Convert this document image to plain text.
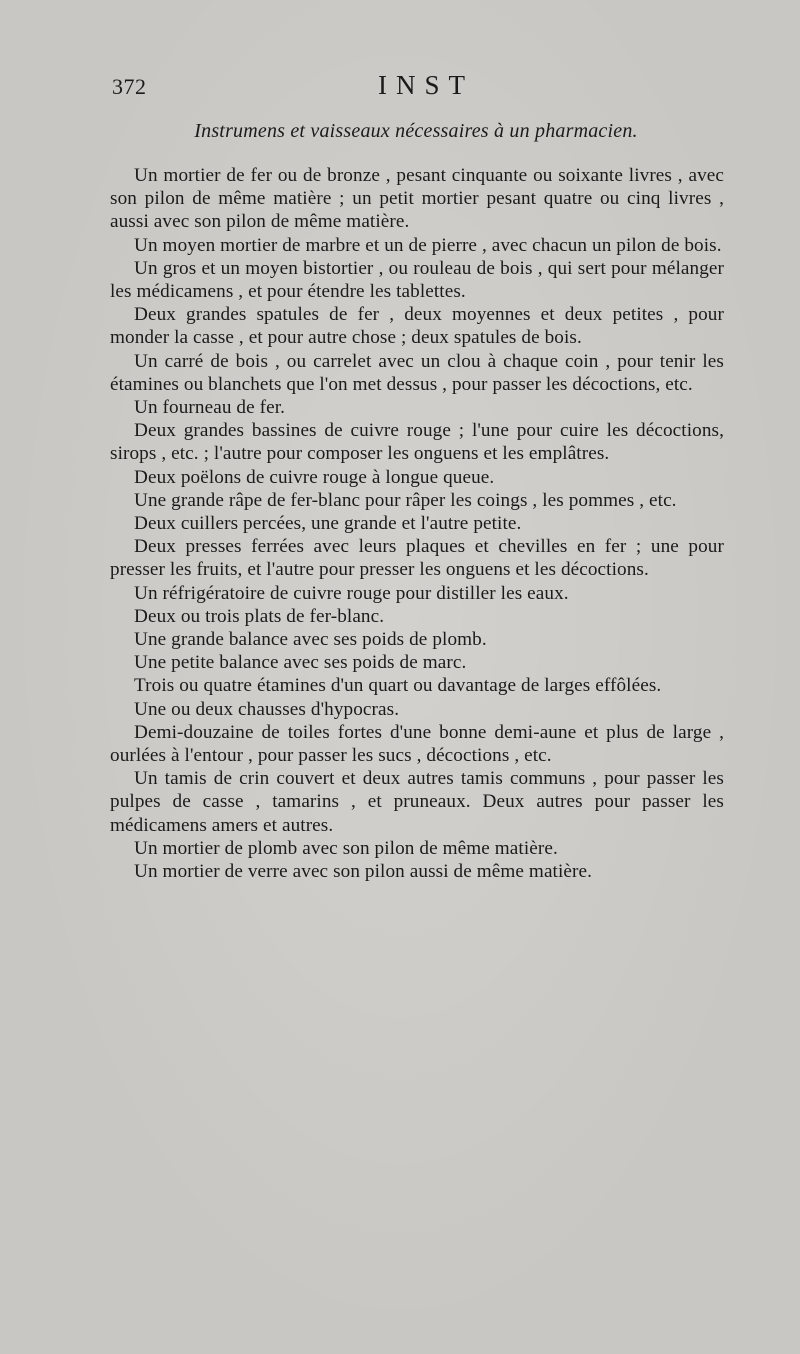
372	INST
Instrumens et vaisseaux nécessaires à un pharmacien.

Un mortier de fer ou de bronze , pesant cinquante ou soixante livres , avec son pilon de même matière ; un petit mortier pesant quatre ou cinq livres , aussi avec son pilon de même matière.

Un moyen mortier de marbre et un de pierre , avec chacun un pilon de bois.

Un gros et un moyen bistortier , ou rouleau de bois , qui sert pour mélanger les médicamens , et pour étendre les tablettes.

Deux grandes spatules de fer , deux moyennes et deux petites , pour monder la casse , et pour autre chose ; deux spatules de bois.

Un carré de bois , ou carrelet avec un clou à chaque coin , pour tenir les étamines ou blanchets que l'on met dessus , pour passer les décoctions, etc.

Un fourneau de fer.

Deux grandes bassines de cuivre rouge ; l'une pour cuire les décoctions, sirops , etc. ; l'autre pour composer les onguens et les emplâtres.

Deux poëlons de cuivre rouge à longue queue.

Une grande râpe de fer-blanc pour râper les coings , les pommes , etc.

Deux cuillers percées, une grande et l'autre petite.

Deux presses ferrées avec leurs plaques et chevilles en fer ; une pour presser les fruits, et l'autre pour presser les onguens et les décoctions.

Un réfrigératoire de cuivre rouge pour distiller les eaux.

Deux ou trois plats de fer-blanc.

Une grande balance avec ses poids de plomb.

Une petite balance avec ses poids de marc.

Trois ou quatre étamines d'un quart ou davantage de larges effôlées.

Une ou deux chausses d'hypocras.

Demi-douzaine de toiles fortes d'une bonne demi-aune et plus de large , ourlées à l'entour , pour passer les sucs , décoctions , etc.

Un tamis de crin couvert et deux autres tamis communs , pour passer les pulpes de casse , tamarins , et pruneaux. Deux autres pour passer les médicamens amers et autres.

Un mortier de plomb avec son pilon de même matière.

Un mortier de verre avec son pilon aussi de même matière.
